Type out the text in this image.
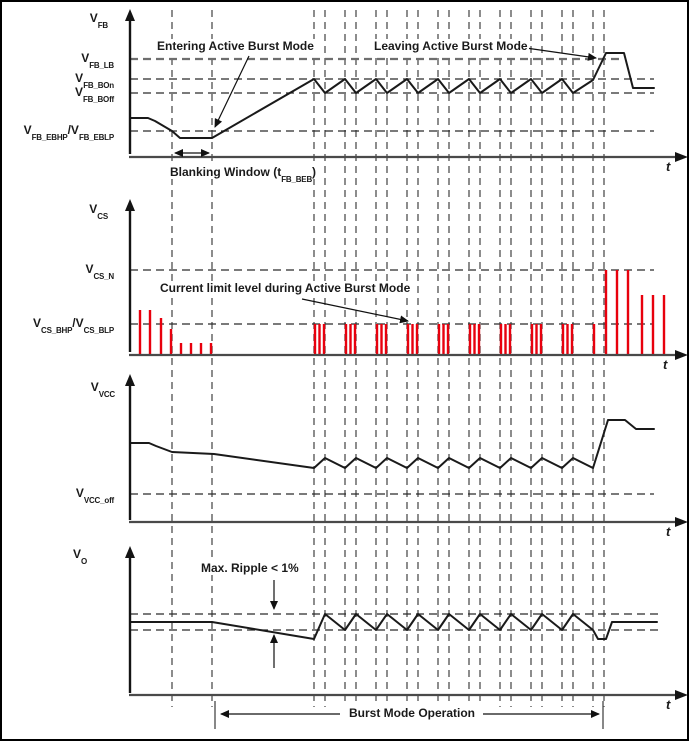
$V_{FB}$
$V_{CS}$
$V_{VCC}$
$V_O$
$V_{FB\_LB}$
$V_{FB\_BOn}$
$V_{FB\_BOff}$
$V_{FB\_EBHP}/V_{FB\_EBLP}$
$V_{CS\_N}$
$V_{CS\_BHP}/V_{CS\_BLP}$
$V_{VCC\_off}$
t
t
t
t
Entering Active Burst Mode	Leaving Active Burst Mode
Blanking Window $(t_{FB\_BEB})$
Current limit level during Active Burst Mode
Max. Ripple < 1%
Burst Mode Operation
